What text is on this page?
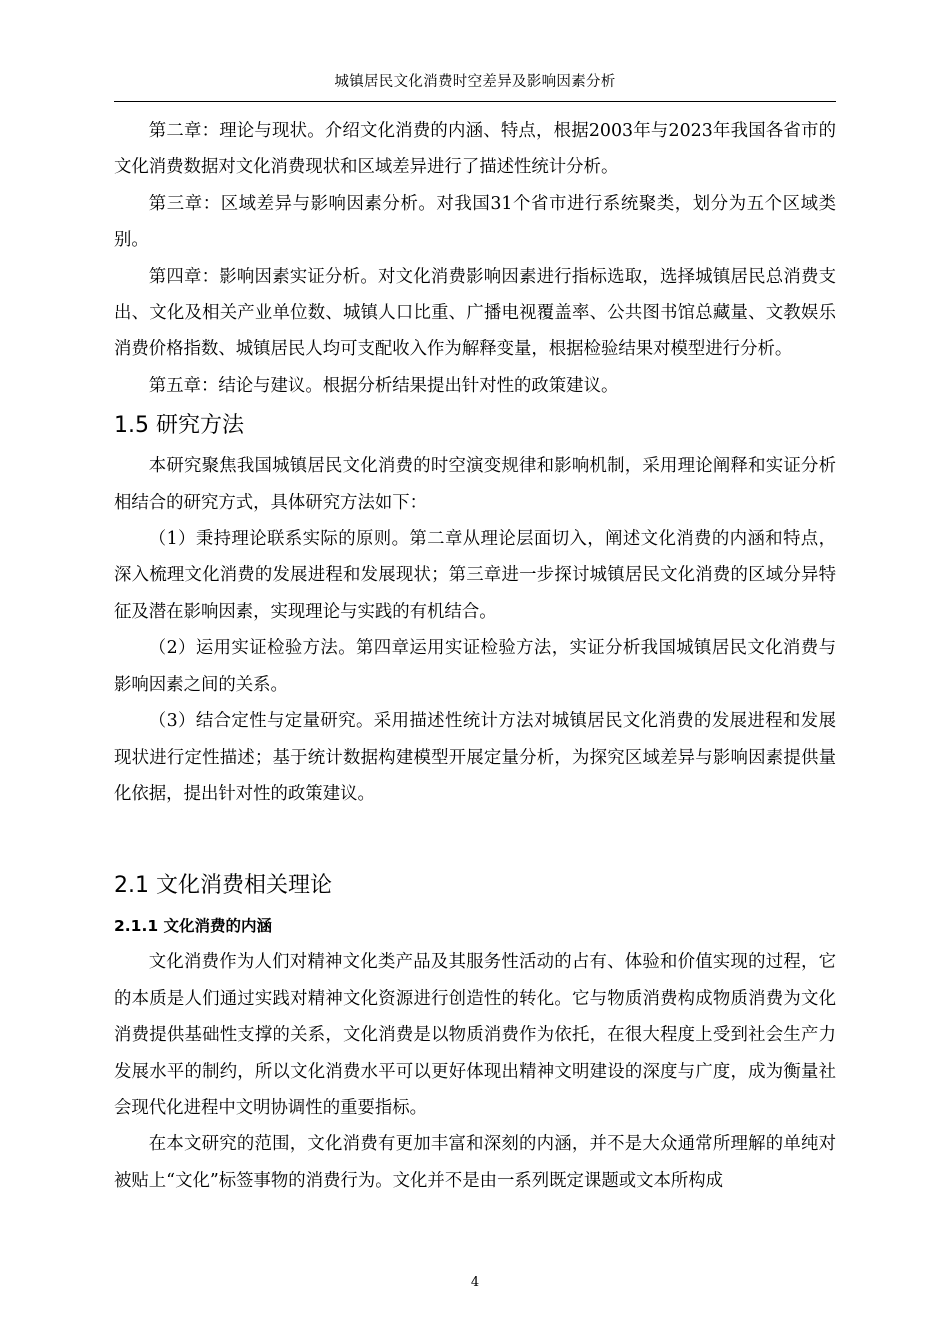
城镇居民文化消费时空差异及影响因素分析

第二章：理论与现状。介绍文化消费的内涵、特点，根据2003年与2023年我国各省市的文化消费数据对文化消费现状和区域差异进行了描述性统计分析。

第三章：区域差异与影响因素分析。对我国31个省市进行系统聚类，划分为五个区域类别。

第四章：影响因素实证分析。对文化消费影响因素进行指标选取，选择城镇居民总消费支出、文化及相关产业单位数、城镇人口比重、广播电视覆盖率、公共图书馆总藏量、文教娱乐消费价格指数、城镇居民人均可支配收入作为解释变量，根据检验结果对模型进行分析。

第五章：结论与建议。根据分析结果提出针对性的政策建议。

1.5 研究方法

本研究聚焦我国城镇居民文化消费的时空演变规律和影响机制，采用理论阐释和实证分析相结合的研究方式，具体研究方法如下：

（1）秉持理论联系实际的原则。第二章从理论层面切入，阐述文化消费的内涵和特点，深入梳理文化消费的发展进程和发展现状；第三章进一步探讨城镇居民文化消费的区域分异特征及潜在影响因素，实现理论与实践的有机结合。

（2）运用实证检验方法。第四章运用实证检验方法，实证分析我国城镇居民文化消费与影响因素之间的关系。

（3）结合定性与定量研究。采用描述性统计方法对城镇居民文化消费的发展进程和发展现状进行定性描述；基于统计数据构建模型开展定量分析，为探究区域差异与影响因素提供量化依据，提出针对性的政策建议。

2.1 文化消费相关理论
2.1.1 文化消费的内涵

文化消费作为人们对精神文化类产品及其服务性活动的占有、体验和价值实现的过程，它的本质是人们通过实践对精神文化资源进行创造性的转化。它与物质消费构成物质消费为文化消费提供基础性支撑的关系，文化消费是以物质消费作为依托，在很大程度上受到社会生产力发展水平的制约，所以文化消费水平可以更好体现出精神文明建设的深度与广度，成为衡量社会现代化进程中文明协调性的重要指标。

在本文研究的范围，文化消费有更加丰富和深刻的内涵，并不是大众通常所理解的单纯对被贴上“文化”标签事物的消费行为。文化并不是由一系列既定课题或文本所构成

4
